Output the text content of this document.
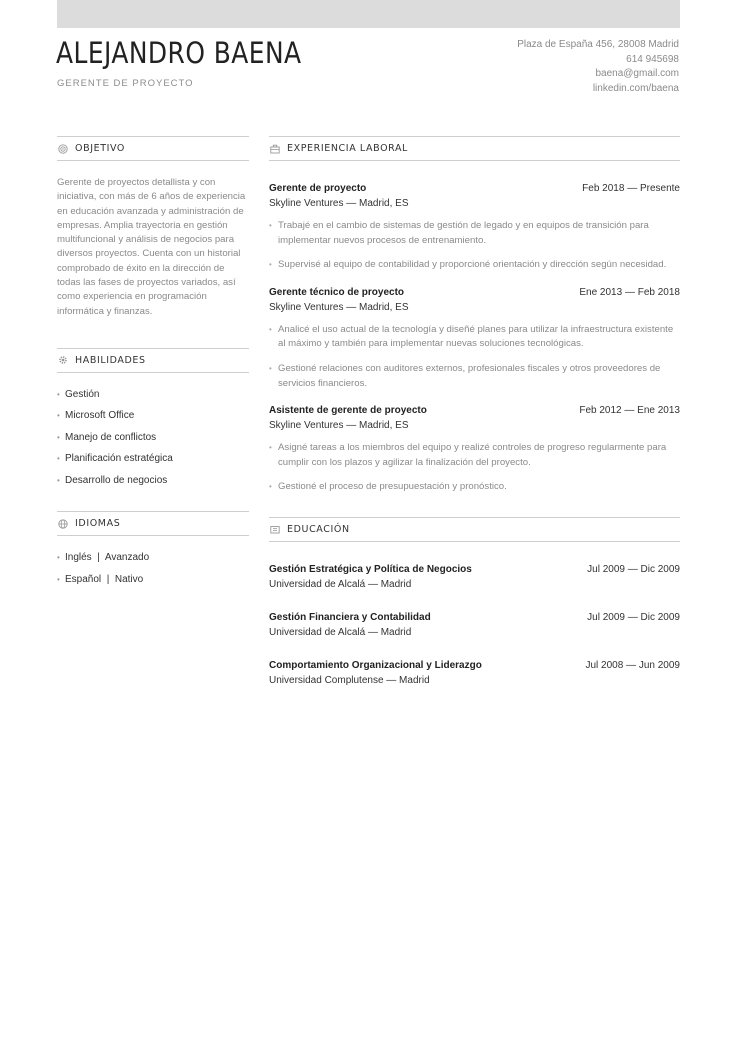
ALEJANDRO BAENA
GERENTE DE PROYECTO
Plaza de España 456, 28008 Madrid
614 945698
baena@gmail.com
linkedin.com/baena
OBJETIVO

Gerente de proyectos detallista y con iniciativa, con más de 6 años de experiencia en educación avanzada y administración de empresas. Amplia trayectoria en gestión multifuncional y análisis de negocios para diversos proyectos. Cuenta con un historial comprobado de éxito en la dirección de todas las fases de proyectos variados, así como experiencia en programación informática y finanzas.

HABILIDADES
• Gestión
• Microsoft Office
• Manejo de conflictos
• Planificación estratégica
• Desarrollo de negocios
IDIOMAS
• Inglés  |  Avanzado
• Español  |  Nativo
EXPERIENCIA LABORAL
Gerente de proyecto	Feb 2018 — Presente
Skyline Ventures — Madrid, ES
• Trabajé en el cambio de sistemas de gestión de legado y en equipos de transición para implementar nuevos procesos de entrenamiento.
• Supervisé al equipo de contabilidad y proporcioné orientación y dirección según necesidad.
Gerente técnico de proyecto	Ene 2013 — Feb 2018
Skyline Ventures — Madrid, ES
• Analicé el uso actual de la tecnología y diseñé planes para utilizar la infraestructura existente al máximo y también para implementar nuevas soluciones tecnológicas.
• Gestioné relaciones con auditores externos, profesionales fiscales y otros proveedores de servicios financieros.
Asistente de gerente de proyecto	Feb 2012 — Ene 2013
Skyline Ventures — Madrid, ES
• Asigné tareas a los miembros del equipo y realizé controles de progreso regularmente para cumplir con los plazos y agilizar la finalización del proyecto.
• Gestioné el proceso de presupuestación y pronóstico.
EDUCACIÓN
Gestión Estratégica y Política de Negocios	Jul 2009 — Dic 2009
Universidad de Alcalá — Madrid
Gestión Financiera y Contabilidad	Jul 2009 — Dic 2009
Universidad de Alcalá — Madrid
Comportamiento Organizacional y Liderazgo	Jul 2008 — Jun 2009
Universidad Complutense — Madrid
